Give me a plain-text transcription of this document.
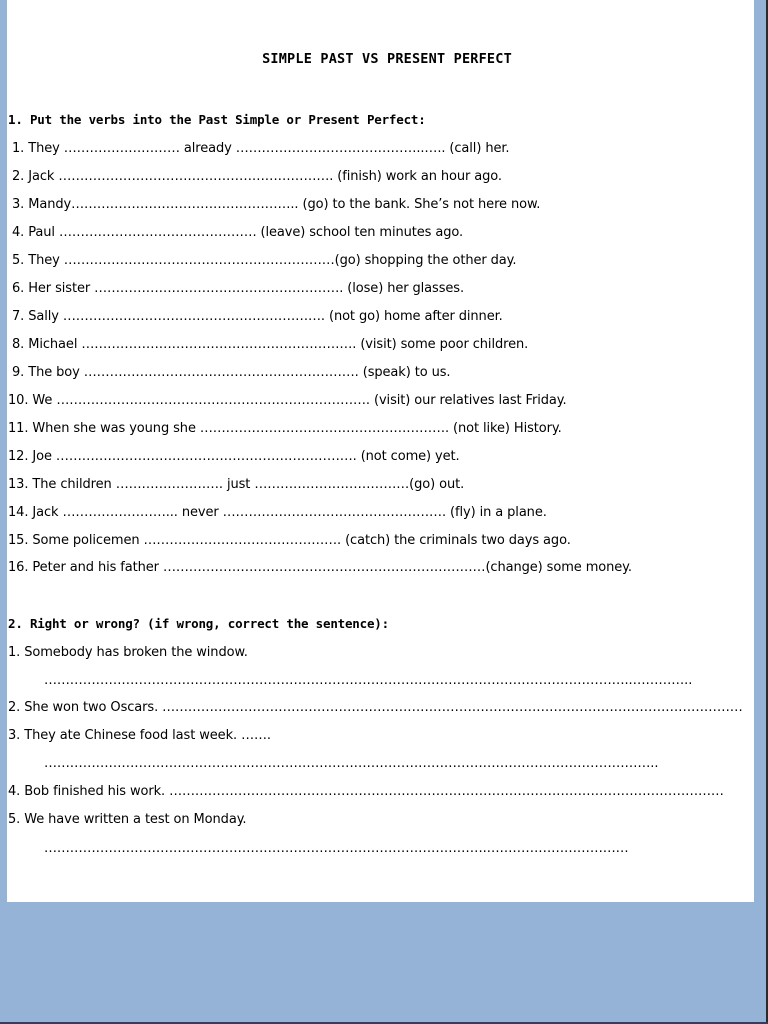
SIMPLE PAST VS PRESENT PERFECT
1. Put the verbs into the Past Simple or Present Perfect:
1. They ……………………… already ……………………………………..….. (call) her.
2. Jack ………………………………………………………. (finish) work an hour ago.
3. Mandy…………………………………………….. (go) to the bank. She’s not here now.
4. Paul ………………………………………. (leave) school ten minutes ago.
5. They ………………………………………………………(go) shopping the other day.
6. Her sister …………………………………………………. (lose) her glasses.
7. Sally ……………………………………………………. (not go) home after dinner.
8. Michael ………………………………………………………. (visit) some poor children.
9. The boy ………………………………………………………. (speak) to us.
10. We ………………………………………………………………. (visit) our relatives last Friday.
11. When she was young she …………………………………………………. (not like) History.
12. Joe ……………………………………………………………. (not come) yet.
13. The children ……………………. just ………………………………(go) out.
14. Jack ……………………... never ……………………………………………. (fly) in a plane.
15. Some policemen ………………………………………. (catch) the criminals two days ago.
16. Peter and his father …………………………………………………………………(change) some money.
2. Right or wrong? (if wrong, correct the sentence):
1. Somebody has broken the window.
………………………………………………………………………………………………………………………..…………..
2. She won two Oscars. ………………………………………………………………………………………………………………………
3. They ate Chinese food last week. …….
……………………………………………………………………………………………………………………………..
4. Bob finished his work. …………………………………………………………………………………………………………………
5. We have written a test on Monday.
………………………………………………………………………………………….……………………………
